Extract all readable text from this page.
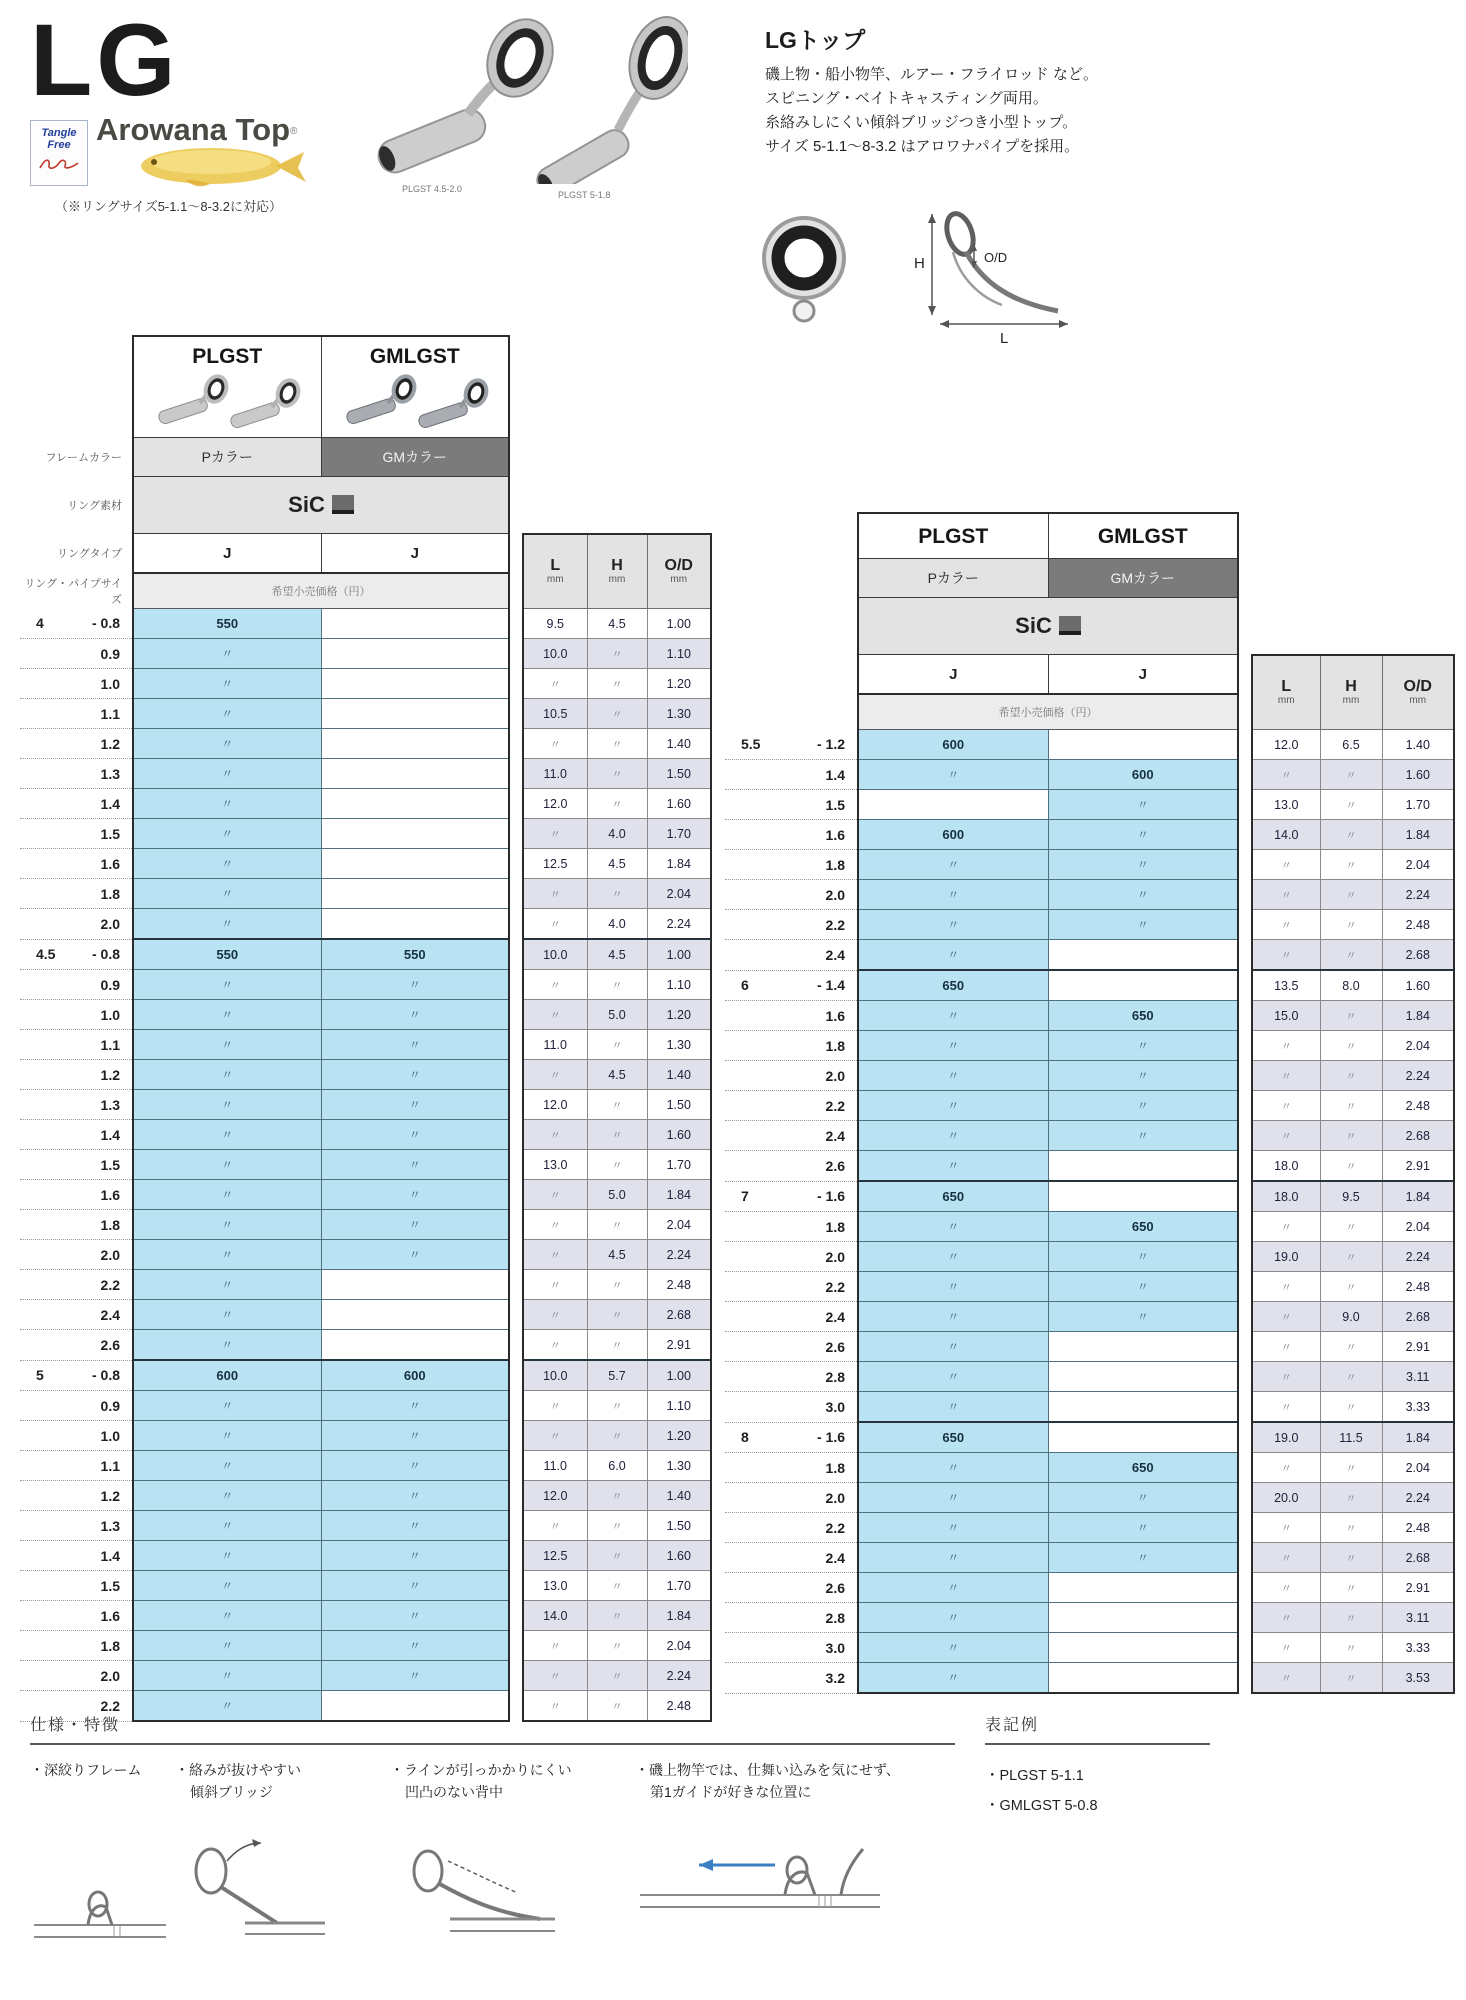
LG
Tangle
Free Arowana Top®
（※リングサイズ5-1.1～8-3.2に対応）
PLGST 4.5-2.0
PLGST 5-1.8
LGトップ
磯上物・船小物竿、ルアー・フライロッド など。
スピニング・ベイトキャスティング両用。
糸絡みしにくい傾斜ブリッジつき小型トップ。
サイズ 5-1.1～8-3.2 はアロワナパイプを採用。
H	O/D
L

	PLGST	GMLGST				

フレームカラー	Pカラー	GMカラー				
リング素材	SiC					
リングタイプ	J	J		
L
mm

H
mm

O/D
mm

リング・パイプサイズ	希望小売価格（円）					

4 - 0.8	550			9.5	4.5	1.00
0.9	〃			10.0	〃	1.10
1.0	〃			〃	〃	1.20
1.1	〃			10.5	〃	1.30
1.2	〃			〃	〃	1.40
1.3	〃			11.0	〃	1.50
1.4	〃			12.0	〃	1.60
1.5	〃			〃	4.0	1.70
1.6	〃			12.5	4.5	1.84
1.8	〃			〃	〃	2.04
2.0	〃			〃	4.0	2.24

4.5 - 0.8	550	550		10.0	4.5	1.00
0.9	〃	〃		〃	〃	1.10
1.0	〃	〃		〃	5.0	1.20
1.1	〃	〃		11.0	〃	1.30
1.2	〃	〃		〃	4.5	1.40
1.3	〃	〃		12.0	〃	1.50
1.4	〃	〃		〃	〃	1.60
1.5	〃	〃		13.0	〃	1.70
1.6	〃	〃		〃	5.0	1.84
1.8	〃	〃		〃	〃	2.04
2.0	〃	〃		〃	4.5	2.24
2.2	〃			〃	〃	2.48
2.4	〃			〃	〃	2.68
2.6	〃			〃	〃	2.91

5 - 0.8	600	600		10.0	5.7	1.00
0.9	〃	〃		〃	〃	1.10
1.0	〃	〃		〃	〃	1.20
1.1	〃	〃		11.0	6.0	1.30
1.2	〃	〃		12.0	〃	1.40
1.3	〃	〃		〃	〃	1.50
1.4	〃	〃		12.5	〃	1.60
1.5	〃	〃		13.0	〃	1.70
1.6	〃	〃		14.0	〃	1.84
1.8	〃	〃		〃	〃	2.04
2.0	〃	〃		〃	〃	2.24
2.2	〃			〃	〃	2.48

	PLGST	GMLGST				

	Pカラー	GMカラー				
	SiC					
	J	J		
L
mm

H
mm

O/D
mm

	希望小売価格（円）					

5.5 - 1.2	600			12.0	6.5	1.40
1.4	〃	600		〃	〃	1.60
1.5		〃		13.0	〃	1.70
1.6	600	〃		14.0	〃	1.84
1.8	〃	〃		〃	〃	2.04
2.0	〃	〃		〃	〃	2.24
2.2	〃	〃		〃	〃	2.48
2.4	〃			〃	〃	2.68

6 - 1.4	650			13.5	8.0	1.60
1.6	〃	650		15.0	〃	1.84
1.8	〃	〃		〃	〃	2.04
2.0	〃	〃		〃	〃	2.24
2.2	〃	〃		〃	〃	2.48
2.4	〃	〃		〃	〃	2.68
2.6	〃			18.0	〃	2.91

7 - 1.6	650			18.0	9.5	1.84
1.8	〃	650		〃	〃	2.04
2.0	〃	〃		19.0	〃	2.24
2.2	〃	〃		〃	〃	2.48
2.4	〃	〃		〃	9.0	2.68
2.6	〃			〃	〃	2.91
2.8	〃			〃	〃	3.11
3.0	〃			〃	〃	3.33

8 - 1.6	650			19.0	11.5	1.84
1.8	〃	650		〃	〃	2.04
2.0	〃	〃		20.0	〃	2.24
2.2	〃	〃		〃	〃	2.48
2.4	〃	〃		〃	〃	2.68
2.6	〃			〃	〃	2.91
2.8	〃			〃	〃	3.11
3.0	〃			〃	〃	3.33
3.2	〃			〃	〃	3.53
仕様・特徴
・深絞りフレーム	・絡みが抜けやすい
傾斜ブリッジ
・ラインが引っかかりにくい
凹凸のない背中
・磯上物竿では、仕舞い込みを気にせず、
第1ガイドが好きな位置に
表記例
・PLGST 5-1.1
・GMLGST 5-0.8
